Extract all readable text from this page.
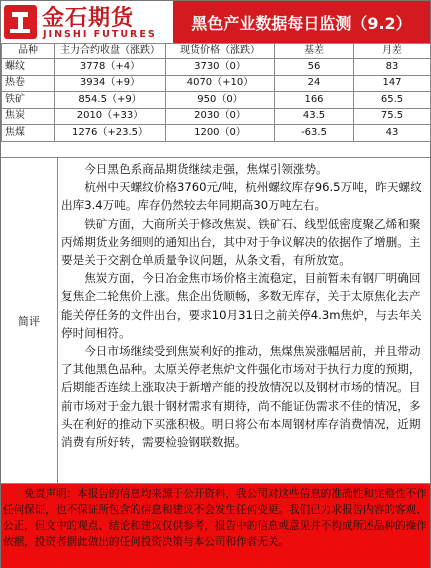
金石期货
JINSHI FUTURES
黑色产业数据每日监测（9.2）
品种	主力合约收盘（涨跌）	现货价格（涨跌）	基差	月差
螺纹	3778（+4）	3730（0）	56	83
热卷	3934（+9）	4070（+10）	24	147
铁矿	854.5（+9）	950（0）	166	65.5
焦炭	2010（+33）	2030（0）	43.5	75.5
焦煤	1276（+23.5）	1200（0）	-63.5	43
简评

今日黑色系商品期货继续走强，焦煤引领涨势。

杭州中天螺纹价格3760元/吨，杭州螺纹库存96.5万吨，昨天螺纹出库3.4万吨。库存仍然较去年同期高30万吨左右。

铁矿方面，大商所关于修改焦炭、铁矿石、线型低密度聚乙烯和聚丙烯期货业务细则的通知出台，其中对于争议解决的依据作了增删。主要是关于交割仓单质量争议问题，从条文看，有所放宽。

焦炭方面，今日冶金焦市场价格主流稳定，目前暂未有钢厂明确回复焦企二轮焦价上涨。焦企出货顺畅，多数无库存，关于太原焦化去产能关停任务的文件出台，要求10月31日之前关停4.3m焦炉，与去年关停时间相符。

今日市场继续受到焦炭利好的推动，焦煤焦炭涨幅居前，并且带动了其他黑色品种。太原关停老焦炉文件强化市场对于执行力度的预期，后期能否连续上涨取决于新增产能的投放情况以及钢材市场的情况。目前市场对于金九银十钢材需求有期待，尚不能证伪需求不佳的情况，多头在利好的推动下买涨积极。明日将公布本周钢材库存消费情况，近期消费有所好转，需要检验钢联数据。

免责声明：本报告的信息均来源于公开资料，我公司对这些信息的准确性和完整性不作任何保证，也不保证所包含的信息和建议不会发生任何变更。我们已力求报告内容的客观、公正，但文中的观点、结论和建议仅供参考，报告中的信息或意见并不构成所述品种的操作依据，投资者据此做出的任何投资决策与本公司和作者无关。
